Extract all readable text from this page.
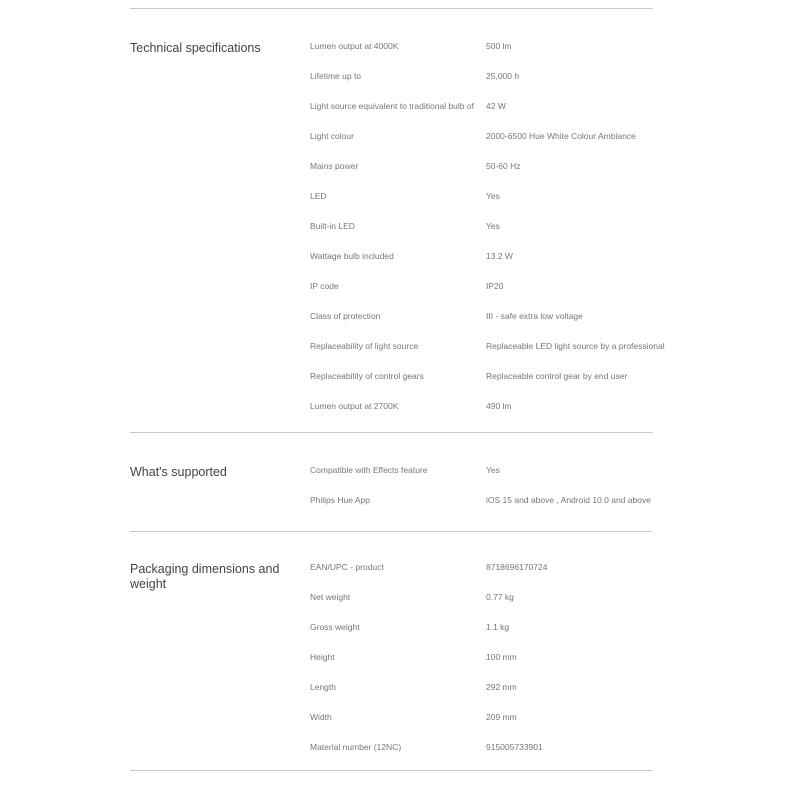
Technical specifications	Lumen output at 4000K	500 lm
Lifetime up to	25,000 h
Light source equivalent to traditional bulb of	42 W
Light colour	2000-6500 Hue White Colour Ambiance
Mains power	50-60 Hz
LED	Yes
Built-in LED	Yes
Wattage bulb included	13.2 W
IP code	IP20
Class of protection	III - safe extra low voltage
Replaceability of light source	Replaceable LED light source by a professional
Replaceability of control gears	Replaceable control gear by end user
Lumen output at 2700K	490 lm
What's supported	Compatible with Effects feature	Yes
Philips Hue App	iOS 15 and above , Android 10.0 and above
Packaging dimensions and weight
EAN/UPC - product	8718696170724
Net weight	0.77 kg
Gross weight	1.1 kg
Height	100 mm
Length	292 mm
Width	209 mm
Material number (12NC)	915005733901
